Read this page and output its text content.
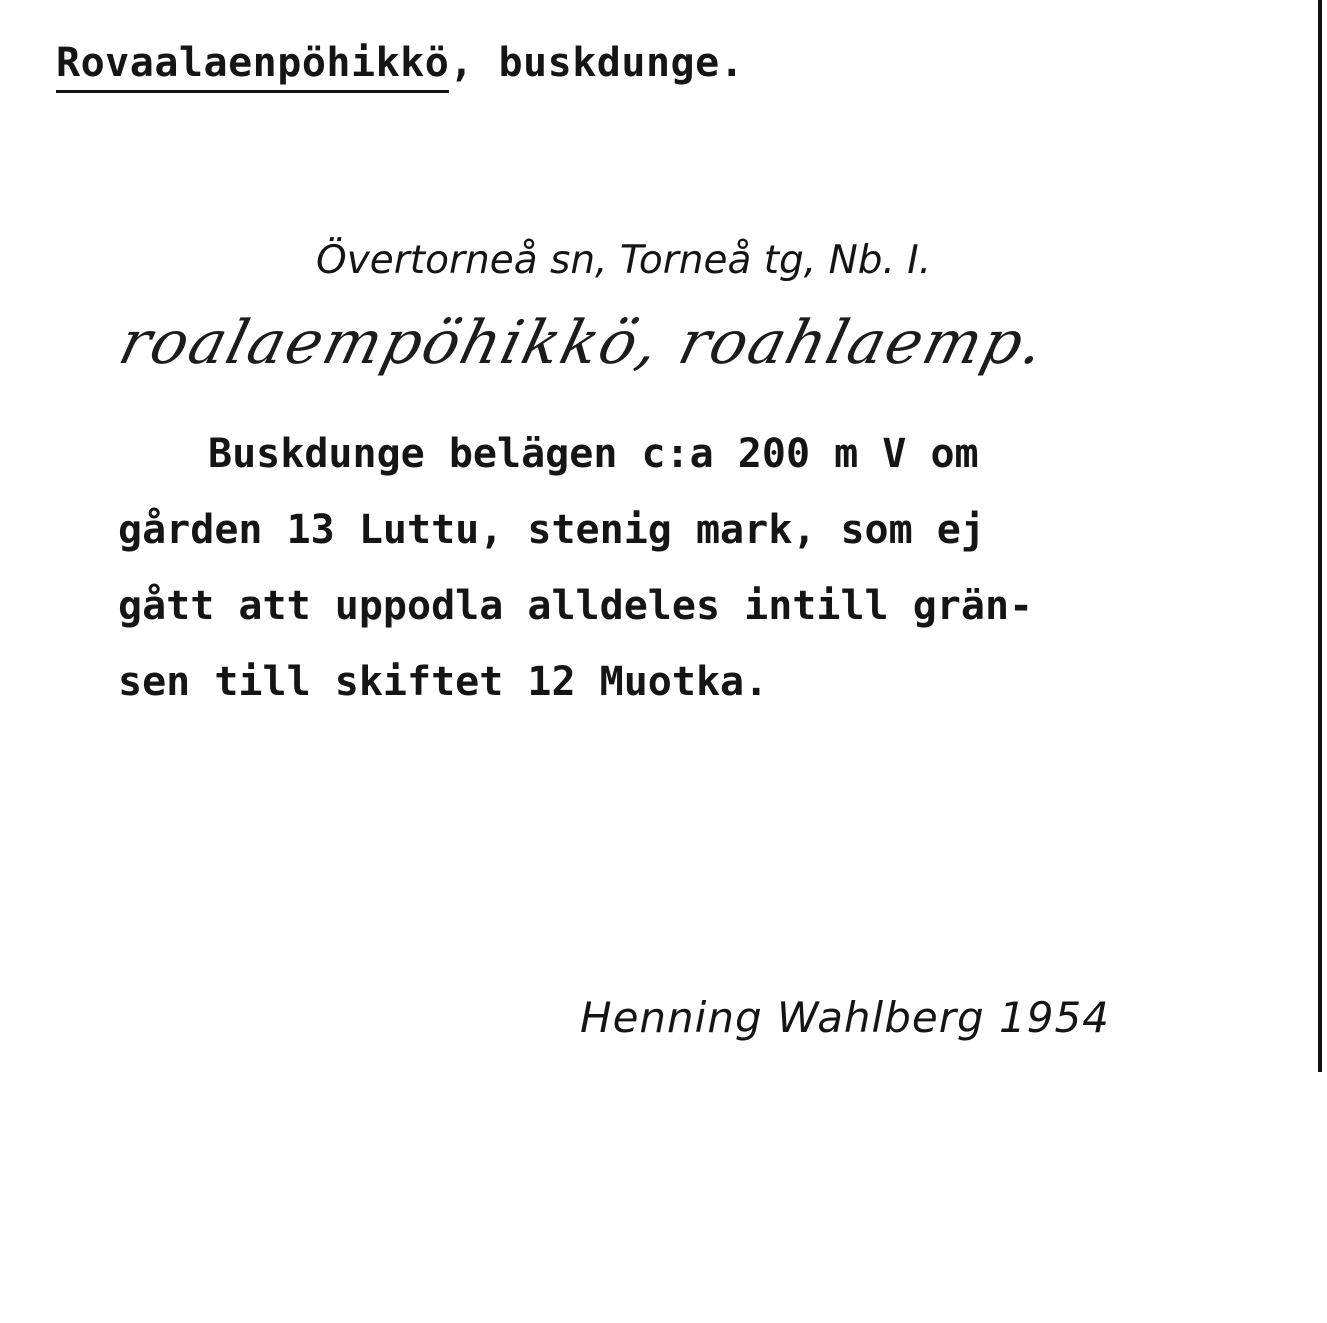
Rovaalaenpöhikkö, buskdunge.
Övertorneå sn, Torneå tg, Nb. I.
roalaempöhikkö, roahlaemp.
Buskdunge belägen c:a 200 m V om
gården 13 Luttu, stenig mark, som ej
gått att uppodla alldeles intill grän-
sen till skiftet 12 Muotka.
Henning Wahlberg 1954
